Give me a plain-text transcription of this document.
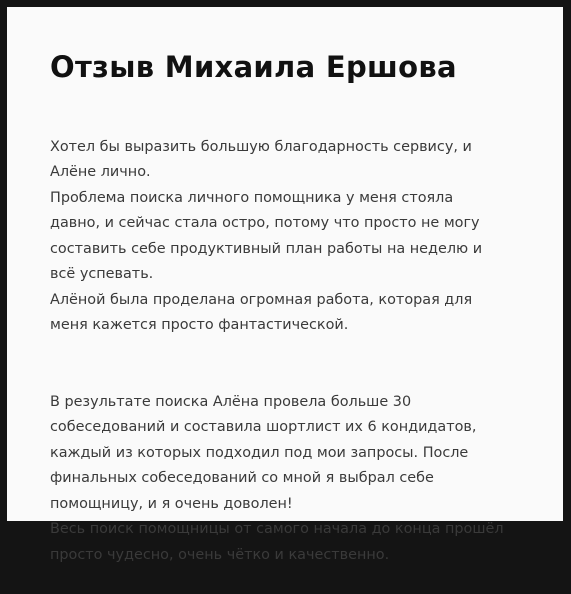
Отзыв Михаила Ершова

Хотел бы выразить большую благодарность сервису, и
Алёне лично.
Проблема поиска личного помощника у меня стояла
давно, и сейчас стала остро, потому что просто не могу
составить себе продуктивный план работы на неделю и
всё успевать.
Алёной была проделана огромная работа, которая для
меня кажется просто фантастической.

В результате поиска Алёна провела больше 30
собеседований и составила шортлист их 6 кондидатов,
каждый из которых подходил под мои запросы. После
финальных собеседований со мной я выбрал себе
помощницу, и я очень доволен!
Весь поиск помощницы от самого начала до конца прошёл
просто чудесно, очень чётко и качественно.
